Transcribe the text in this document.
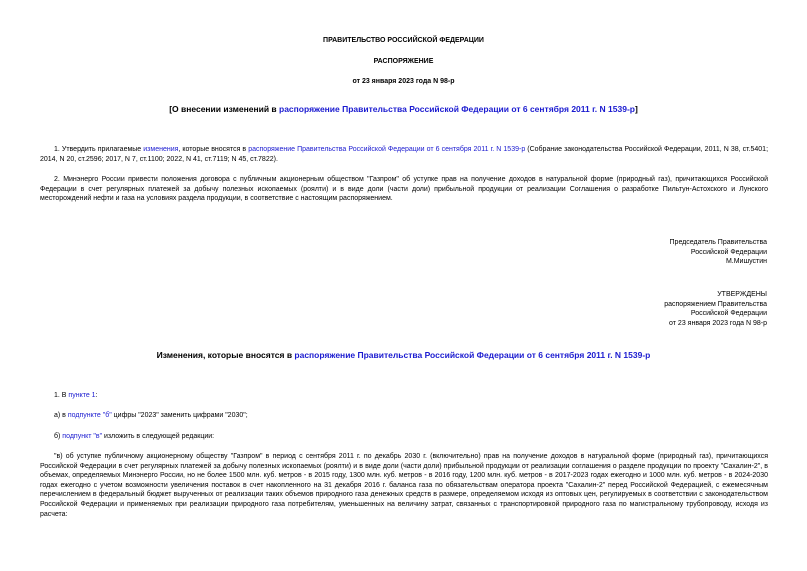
ПРАВИТЕЛЬСТВО РОССИЙСКОЙ ФЕДЕРАЦИИ
РАСПОРЯЖЕНИЕ
от 23 января 2023 года N 98-р
[О внесении изменений в распоряжение Правительства Российской Федерации от 6 сентября 2011 г. N 1539-р]
1. Утвердить прилагаемые изменения, которые вносятся в распоряжение Правительства Российской Федерации от 6 сентября 2011 г. N 1539-р (Собрание законодательства Российской Федерации, 2011, N 38, ст.5401; 2014, N 20, ст.2596; 2017, N 7, ст.1100; 2022, N 41, ст.7119; N 45, ст.7822).
2. Минэнерго России привести положения договора с публичным акционерным обществом "Газпром" об уступке прав на получение доходов в натуральной форме (природный газ), причитающихся Российской Федерации в счет регулярных платежей за добычу полезных ископаемых (роялти) и в виде доли (части доли) прибыльной продукции от реализации Соглашения о разработке Пильтун-Астохского и Лунского месторождений нефти и газа на условиях раздела продукции, в соответствие с настоящим распоряжением.
Председатель Правительства
Российской Федерации
М.Мишустин
УТВЕРЖДЕНЫ
распоряжением Правительства
Российской Федерации
от 23 января 2023 года N 98-р
Изменения, которые вносятся в распоряжение Правительства Российской Федерации от 6 сентября 2011 г. N 1539-р
1. В пункте 1:
а) в подпункте "б" цифры "2023" заменить цифрами "2030";
б) подпункт "в" изложить в следующей редакции:
"в) об уступке публичному акционерному обществу "Газпром" в период с сентября 2011 г. по декабрь 2030 г. (включительно) прав на получение доходов в натуральной форме (природный газ), причитающихся Российской Федерации в счет регулярных платежей за добычу полезных ископаемых (роялти) и в виде доли (части доли) прибыльной продукции от реализации соглашения о разделе продукции по проекту "Сахалин-2", в объемах, определяемых Минэнерго России, но не более 1500 млн. куб. метров - в 2015 году, 1300 млн. куб. метров - в 2016 году, 1200 млн. куб. метров - в 2017-2023 годах ежегодно и 1000 млн. куб. метров - в 2024-2030 годах ежегодно с учетом возможности увеличения поставок в счет накопленного на 31 декабря 2016 г. баланса газа по обязательствам оператора проекта "Сахалин-2" перед Российской Федерацией, с ежемесячным перечислением в федеральный бюджет вырученных от реализации таких объемов природного газа денежных средств в размере, определяемом исходя из оптовых цен, регулируемых в соответствии с законодательством Российской Федерации и применяемых при реализации природного газа потребителям, уменьшенных на величину затрат, связанных с транспортировкой природного газа по магистральному трубопроводу, исходя из расчета:
